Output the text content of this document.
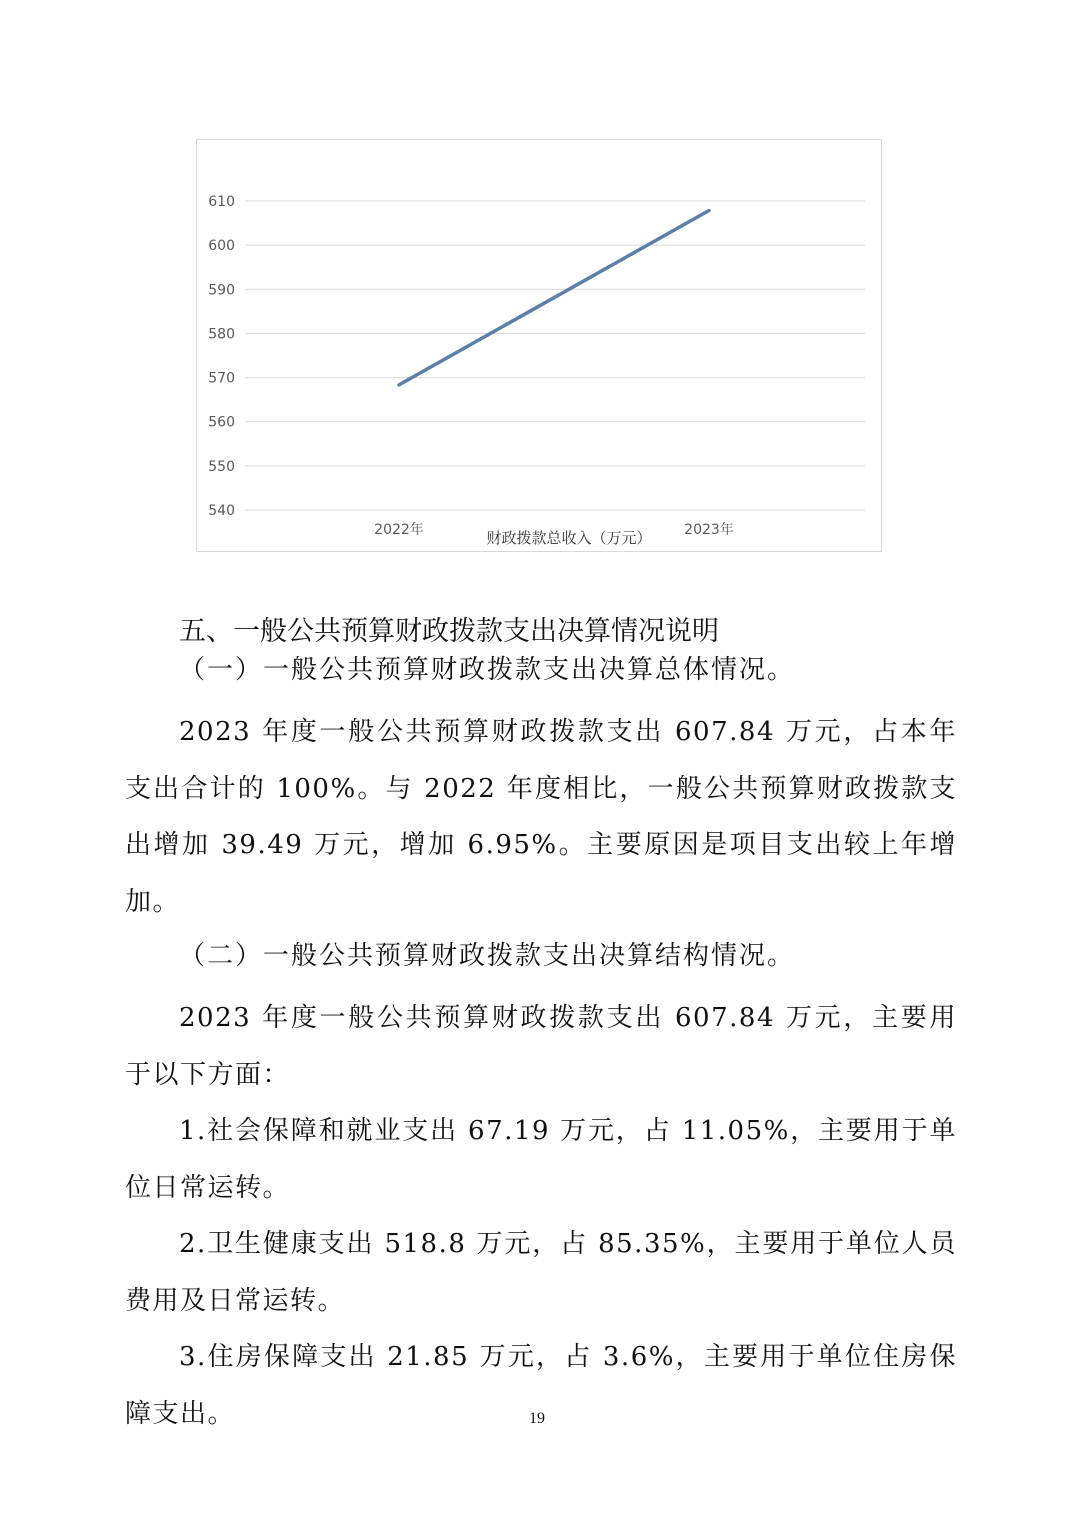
610
600
590
580
570
560
550
540
2022年	2023年
财政拨款总收入（万元）

五、一般公共预算财政拨款支出决算情况说明

（一）一般公共预算财政拨款支出决算总体情况。

2023 年度一般公共预算财政拨款支出 607.84 万元，占本年支出合计的 100%。与 2022 年度相比，一般公共预算财政拨款支出增加 39.49 万元，增加 6.95%。主要原因是项目支出较上年增加。

（二）一般公共预算财政拨款支出决算结构情况。

2023 年度一般公共预算财政拨款支出 607.84 万元，主要用于以下方面：

1.社会保障和就业支出 67.19 万元，占 11.05%，主要用于单位日常运转。

2.卫生健康支出 518.8 万元，占 85.35%，主要用于单位人员费用及日常运转。

3.住房保障支出 21.85 万元，占 3.6%，主要用于单位住房保障支出。	19
